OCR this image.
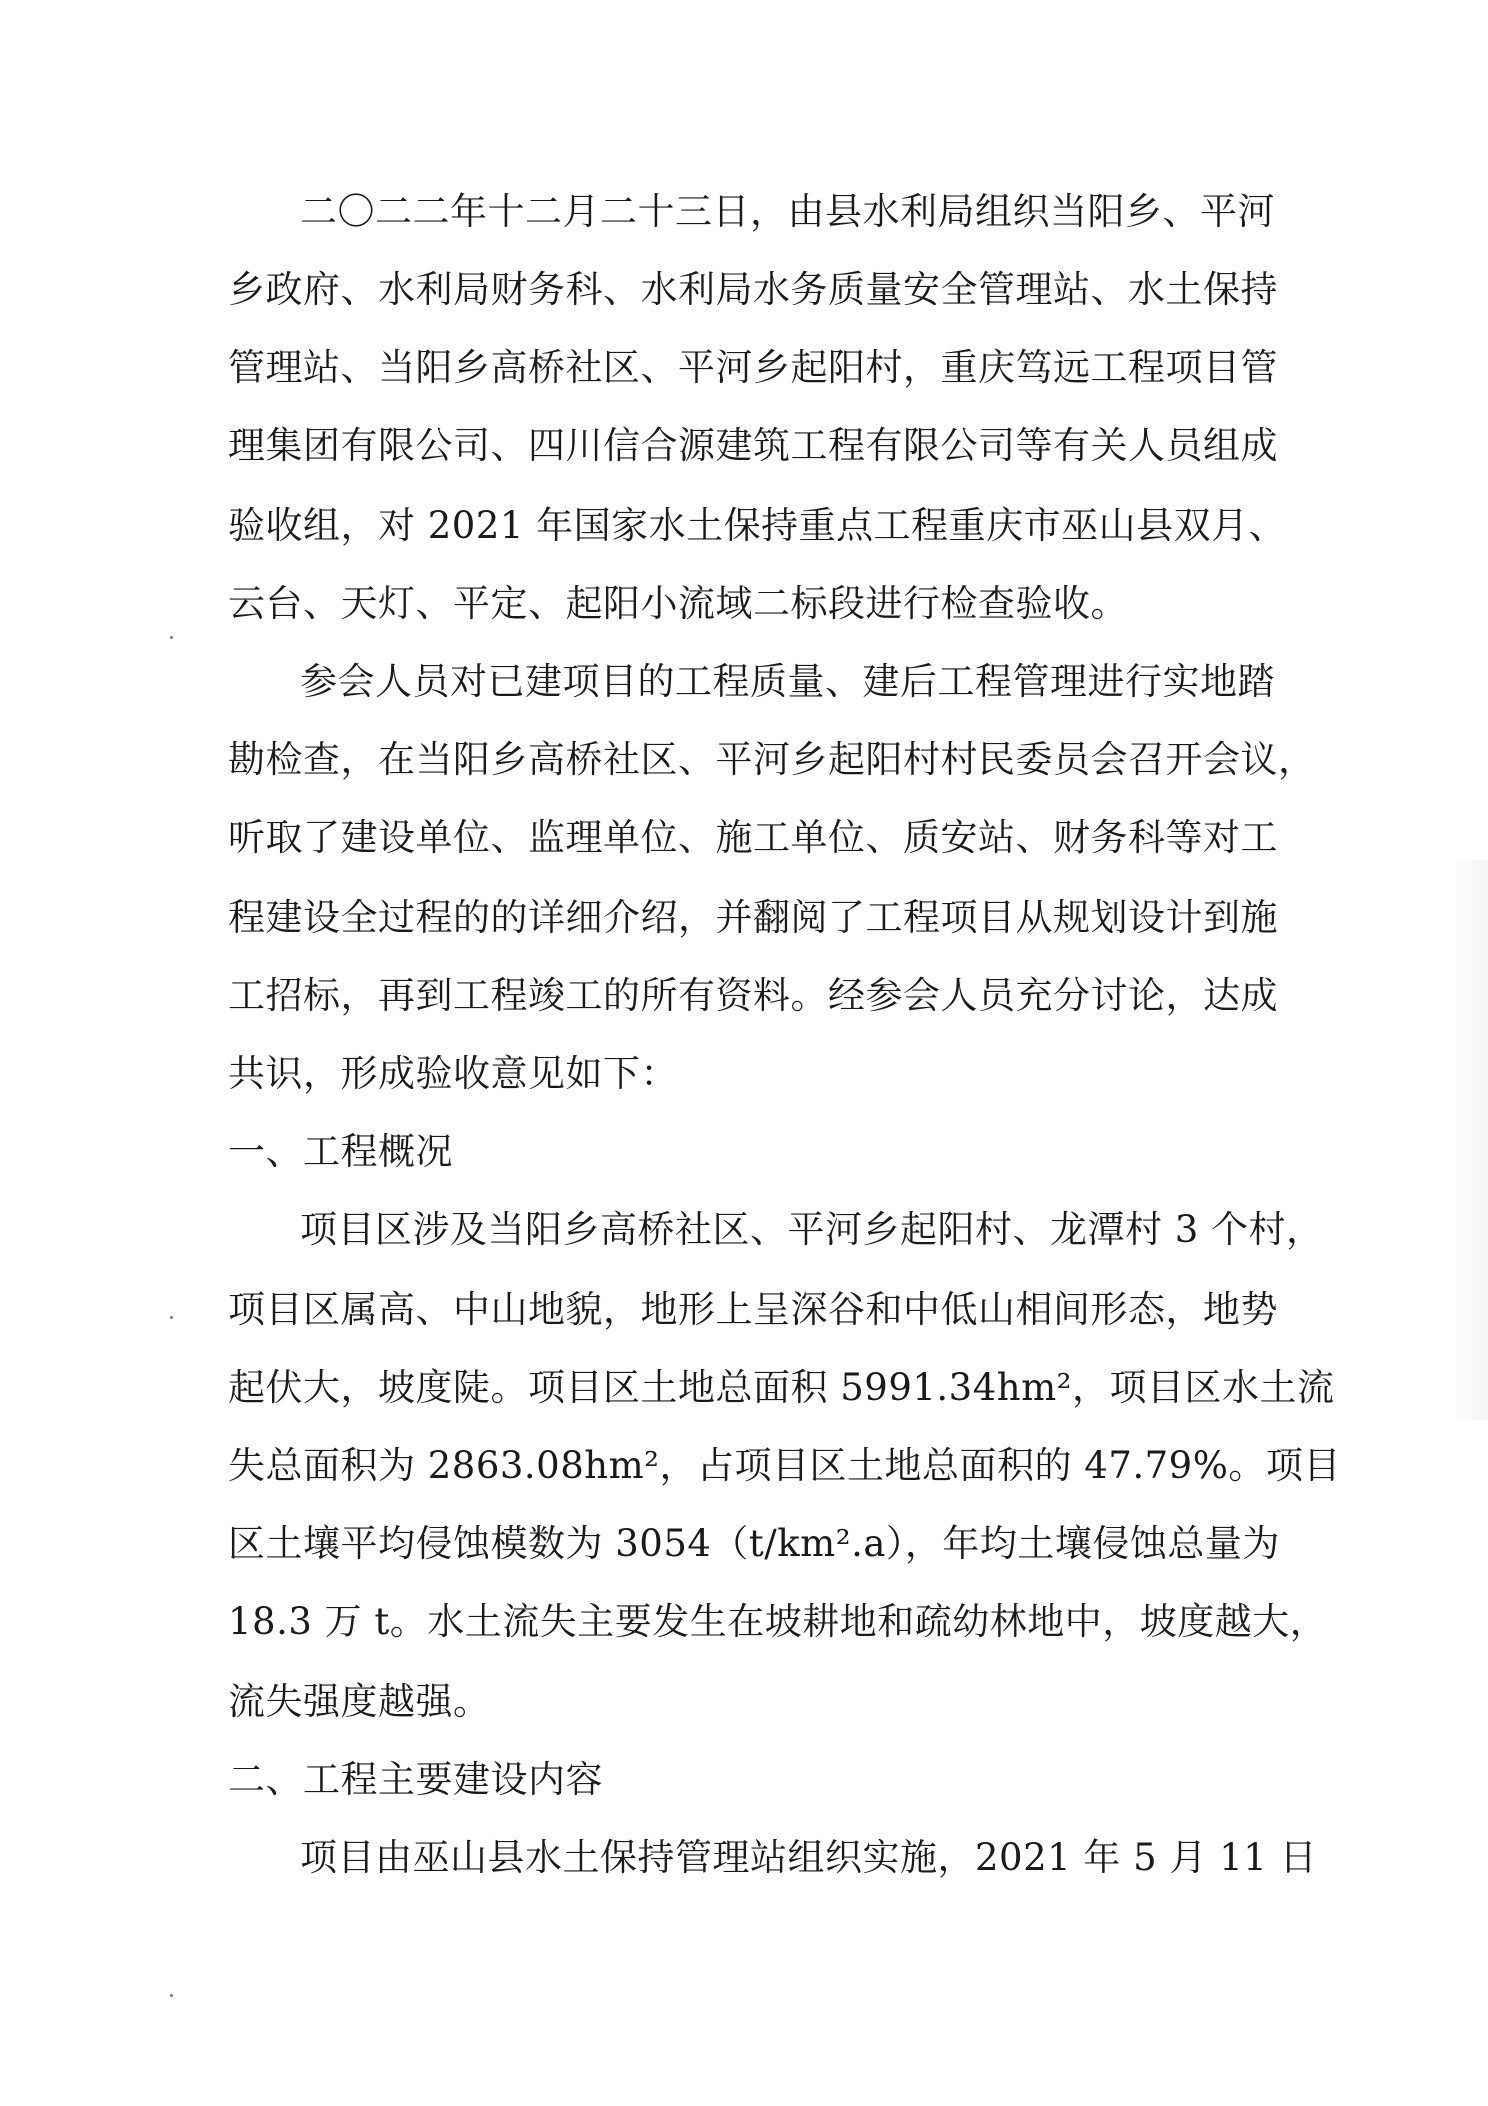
二〇二二年十二月二十三日，由县水利局组织当阳乡、平河
乡政府、水利局财务科、水利局水务质量安全管理站、水土保持
管理站、当阳乡高桥社区、平河乡起阳村，重庆笃远工程项目管
理集团有限公司、四川信合源建筑工程有限公司等有关人员组成
验收组，对 2021 年国家水土保持重点工程重庆市巫山县双月、
云台、天灯、平定、起阳小流域二标段进行检查验收。
参会人员对已建项目的工程质量、建后工程管理进行实地踏
勘检查，在当阳乡高桥社区、平河乡起阳村村民委员会召开会议，
听取了建设单位、监理单位、施工单位、质安站、财务科等对工
程建设全过程的的详细介绍，并翻阅了工程项目从规划设计到施
工招标，再到工程竣工的所有资料。经参会人员充分讨论，达成
共识，形成验收意见如下：
一、工程概况
项目区涉及当阳乡高桥社区、平河乡起阳村、龙潭村 3 个村，
项目区属高、中山地貌，地形上呈深谷和中低山相间形态，地势
起伏大，坡度陡。项目区土地总面积 5991.34hm²，项目区水土流
失总面积为 2863.08hm²，占项目区土地总面积的 47.79%。项目
区土壤平均侵蚀模数为 3054（t/km².a），年均土壤侵蚀总量为
18.3 万 t。水土流失主要发生在坡耕地和疏幼林地中，坡度越大，
流失强度越强。
二、工程主要建设内容
项目由巫山县水土保持管理站组织实施，2021 年 5 月 11 日
